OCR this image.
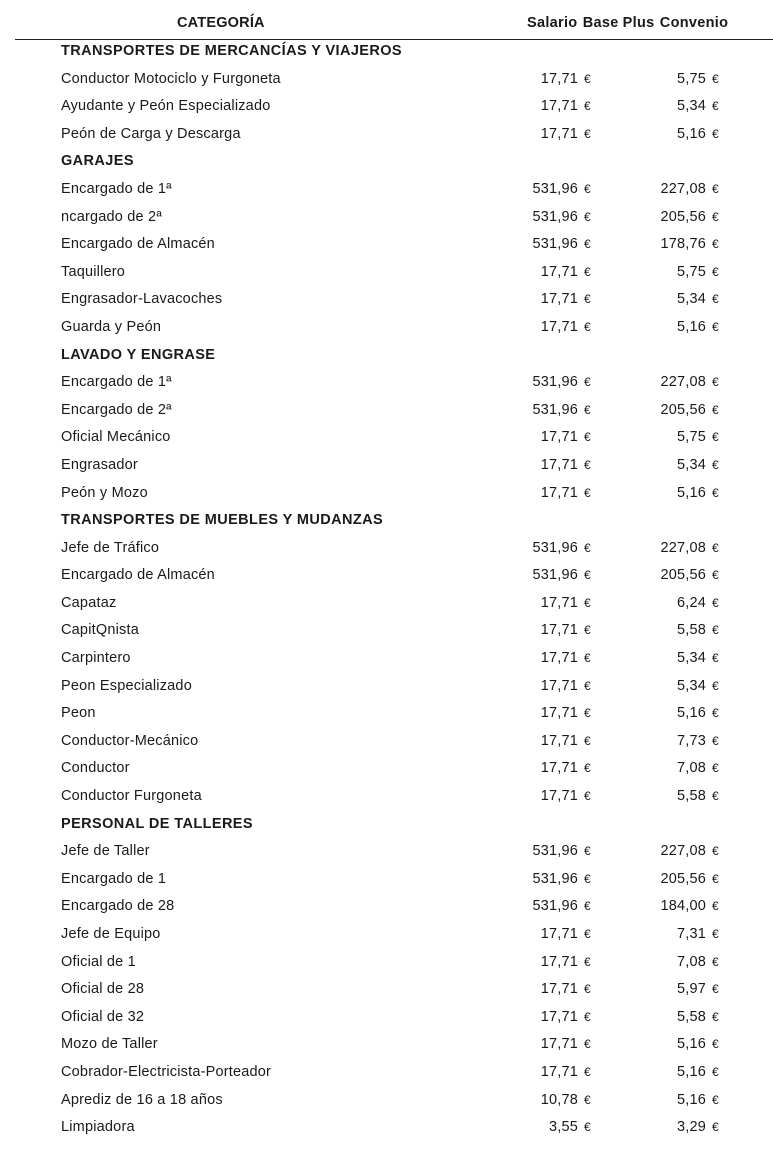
CATEGORÍA	Salario Base Plus Convenio
TRANSPORTES DE MERCANCÍAS Y VIAJEROS
Conductor Motociclo y Furgoneta	17,71 €	5,75 €
Ayudante y Peón Especializado	17,71 €	5,34 €
Peón de Carga y Descarga	17,71 €	5,16 €
GARAJES
Encargado de 1ª	531,96 €	227,08 €
ncargado de 2ª	531,96 €	205,56 €
Encargado de Almacén	531,96 €	178,76 €
Taquillero	17,71 €	5,75 €
Engrasador-Lavacoches	17,71 €	5,34 €
Guarda y Peón	17,71 €	5,16 €
LAVADO Y ENGRASE
Encargado de 1ª	531,96 €	227,08 €
Encargado de 2ª	531,96 €	205,56 €
Oficial Mecánico	17,71 €	5,75 €
Engrasador	17,71 €	5,34 €
Peón y Mozo	17,71 €	5,16 €
TRANSPORTES DE MUEBLES Y MUDANZAS
Jefe de Tráfico	531,96 €	227,08 €
Encargado de Almacén	531,96 €	205,56 €
Capataz	17,71 €	6,24 €
CapitQnista	17,71 €	5,58 €
Carpintero	17,71 €	5,34 €
Peon Especializado	17,71 €	5,34 €
Peon	17,71 €	5,16 €
Conductor-Mecánico	17,71 €	7,73 €
Conductor	17,71 €	7,08 €
Conductor Furgoneta	17,71 €	5,58 €
PERSONAL DE TALLERES
Jefe de Taller	531,96 €	227,08 €
Encargado de 1	531,96 €	205,56 €
Encargado de 28	531,96 €	184,00 €
Jefe de Equipo	17,71 €	7,31 €
Oficial de 1	17,71 €	7,08 €
Oficial de 28	17,71 €	5,97 €
Oficial de 32	17,71 €	5,58 €
Mozo de Taller	17,71 €	5,16 €
Cobrador-Electricista-Porteador	17,71 €	5,16 €
Aprediz de 16 a 18 años	10,78 €	5,16 €
Limpiadora	3,55 €	3,29 €
